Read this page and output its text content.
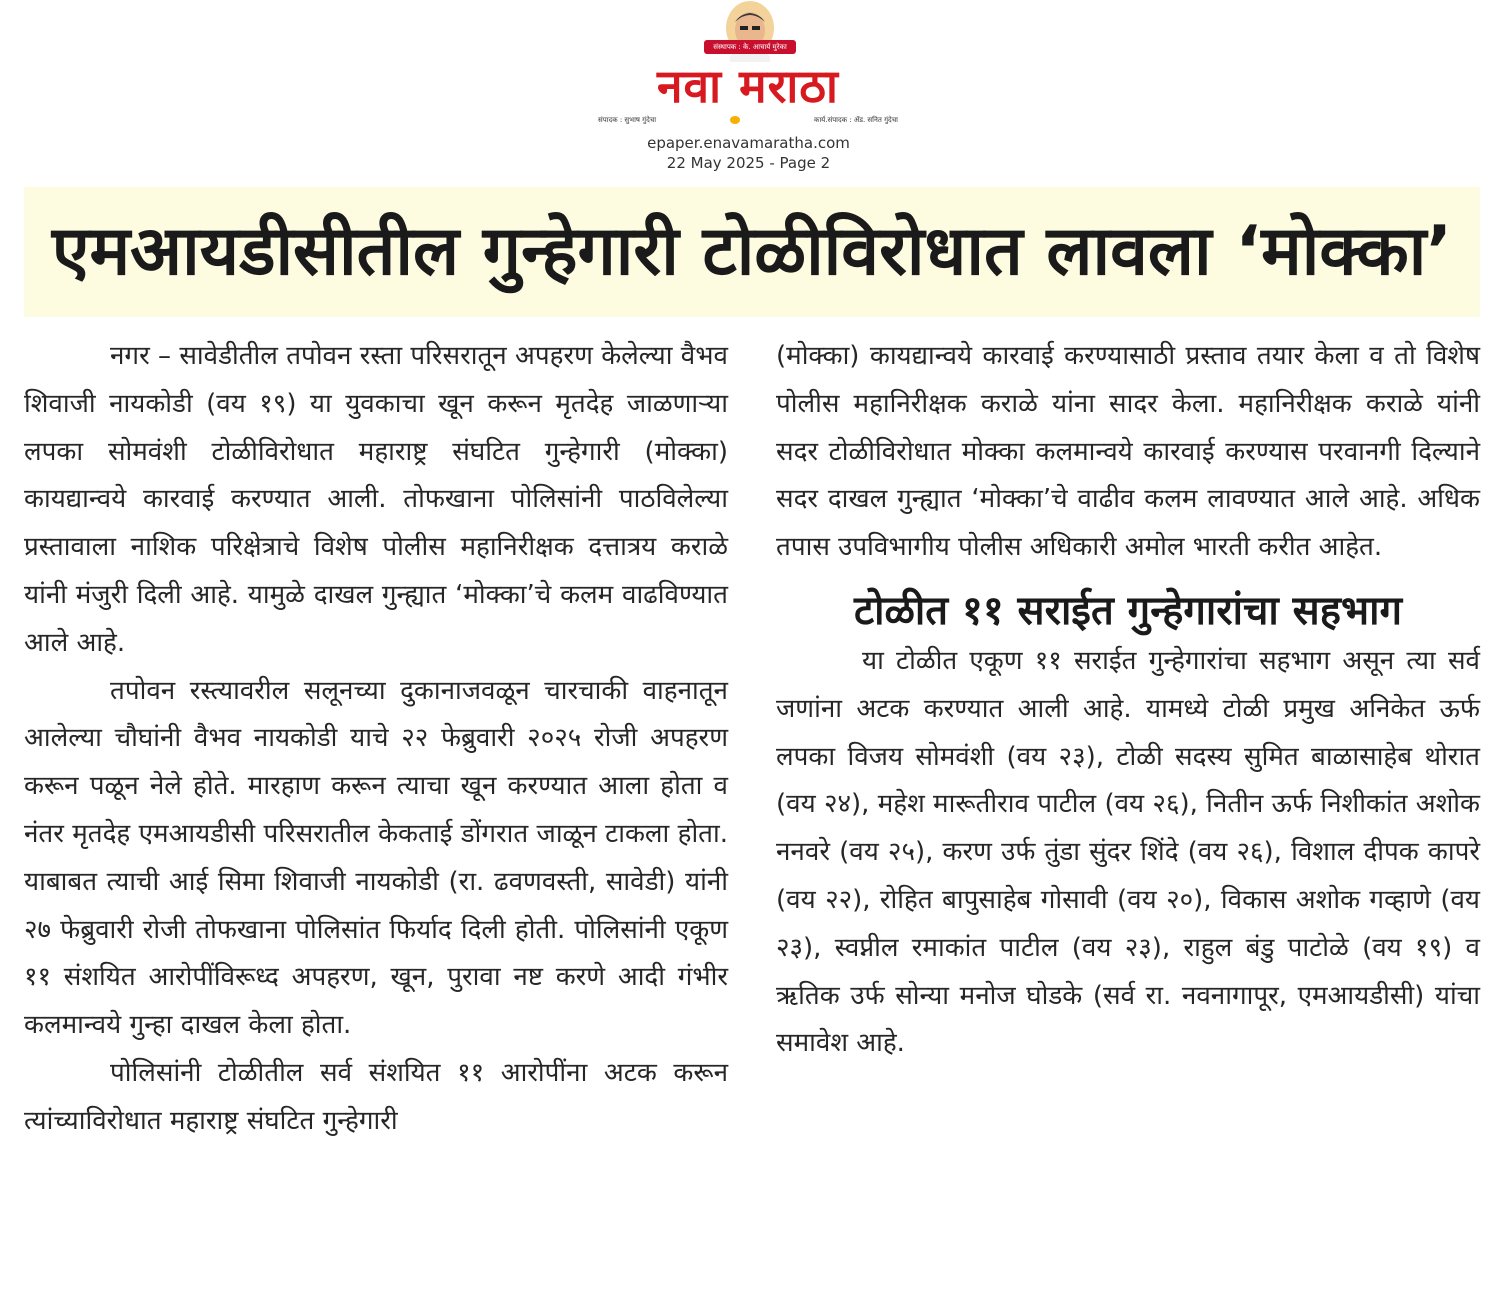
संस्थापक : के. आचार्य मुरेका
नवा मराठा
संपादक : सुभाष गुंदेचा	कार्य.संपादक : ॲड. सनित गुंदेचा
epaper.enavamaratha.com
22 May 2025 - Page 2
एमआयडीसीतील गुन्हेगारी टोळीविरोधात लावला ‘मोक्का’

नगर – सावेडीतील तपोवन रस्ता परिसरातून अपहरण केलेल्या वैभव शिवाजी नायकोडी (वय १९) या युवकाचा खून करून मृतदेह जाळणाऱ्या लपका सोमवंशी टोळीविरोधात महाराष्ट्र संघटित गुन्हेगारी (मोक्का) कायद्यान्वये कारवाई करण्यात आली. तोफखाना पोलिसांनी पाठविलेल्या प्रस्तावाला नाशिक परिक्षेत्राचे विशेष पोलीस महानिरीक्षक दत्तात्रय कराळे यांनी मंजुरी दिली आहे. यामुळे दाखल गुन्ह्यात ‘मोक्का’चे कलम वाढविण्यात आले आहे.

तपोवन रस्त्यावरील सलूनच्या दुकानाजवळून चारचाकी वाहनातून आलेल्या चौघांनी वैभव नायकोडी याचे २२ फेब्रुवारी २०२५ रोजी अपहरण करून पळून नेले होते. मारहाण करून त्याचा खून करण्यात आला होता व नंतर मृतदेह एमआयडीसी परिसरातील केकताई डोंगरात जाळून टाकला होता. याबाबत त्याची आई सिमा शिवाजी नायकोडी (रा. ढवणवस्ती, सावेडी) यांनी २७ फेब्रुवारी रोजी तोफखाना पोलिसांत फिर्याद दिली होती. पोलिसांनी एकूण ११ संशयित आरोपींविरूध्द अपहरण, खून, पुरावा नष्ट करणे आदी गंभीर कलमान्वये गुन्हा दाखल केला होता.

पोलिसांनी टोळीतील सर्व संशयित ११ आरोपींना अटक करून त्यांच्याविरोधात महाराष्ट्र संघटित गुन्हेगारी

(मोक्का) कायद्यान्वये कारवाई करण्यासाठी प्रस्ताव तयार केला व तो विशेष पोलीस महानिरीक्षक कराळे यांना सादर केला. महानिरीक्षक कराळे यांनी सदर टोळीविरोधात मोक्का कलमान्वये कारवाई करण्यास परवानगी दिल्याने सदर दाखल गुन्ह्यात ‘मोक्का’चे वाढीव कलम लावण्यात आले आहे. अधिक तपास उपविभागीय पोलीस अधिकारी अमोल भारती करीत आहेत.

टोळीत ११ सराईत गुन्हेगारांचा सहभाग

या टोळीत एकूण ११ सराईत गुन्हेगारांचा सहभाग असून त्या सर्व जणांना अटक करण्यात आली आहे. यामध्ये टोळी प्रमुख अनिकेत ऊर्फ लपका विजय सोमवंशी (वय २३), टोळी सदस्य सुमित बाळासाहेब थोरात (वय २४), महेश मारूतीराव पाटील (वय २६), नितीन ऊर्फ निशीकांत अशोक ननवरे (वय २५), करण उर्फ तुंडा सुंदर शिंदे (वय २६), विशाल दीपक कापरे (वय २२), रोहित बापुसाहेब गोसावी (वय २०), विकास अशोक गव्हाणे (वय २३), स्वप्नील रमाकांत पाटील (वय २३), राहुल बंडु पाटोळे (वय १९) व ऋतिक उर्फ सोन्या मनोज घोडके (सर्व रा. नवनागापूर, एमआयडीसी) यांचा समावेश आहे.
